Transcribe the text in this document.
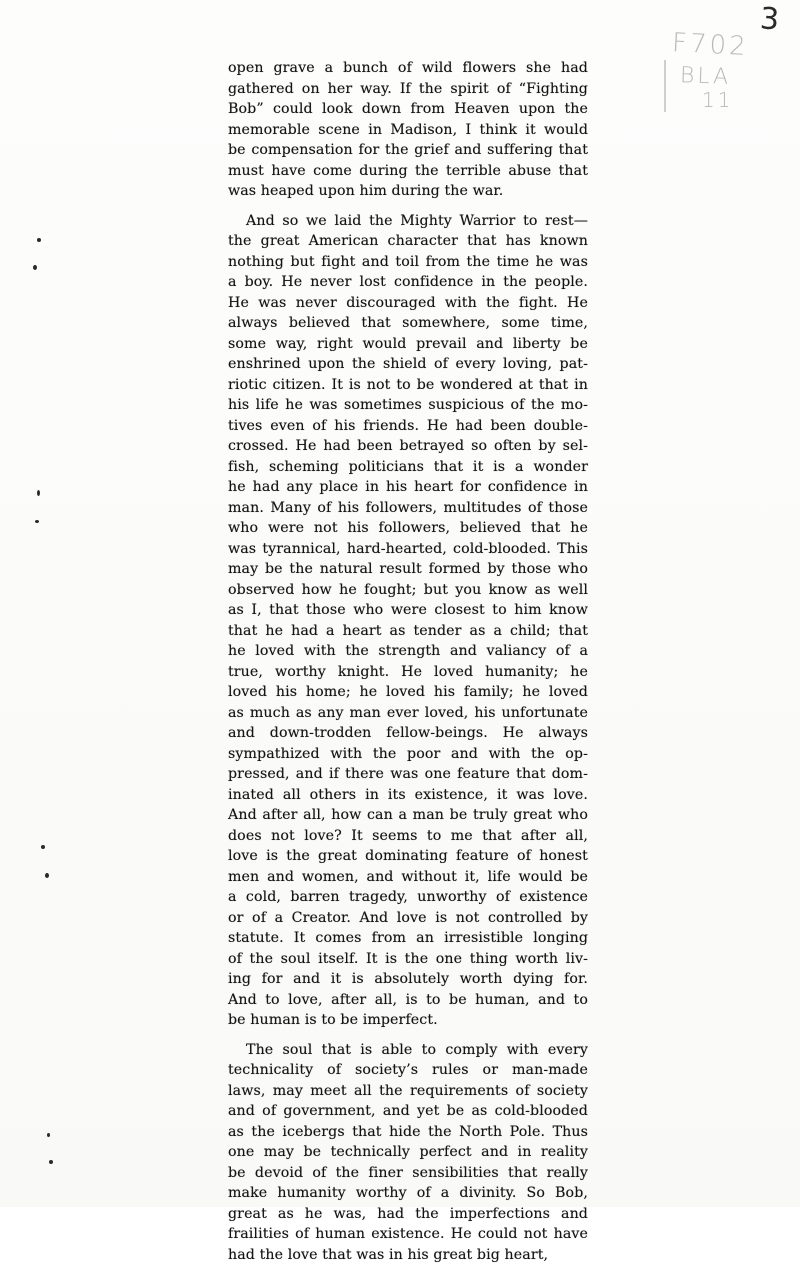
3
F702
BLA
11
open grave a bunch of wild flowers she had
gathered on her way. If the spirit of “Fighting
Bob” could look down from Heaven upon the
memorable scene in Madison, I think it would
be compensation for the grief and suffering that
must have come during the terrible abuse that
was heaped upon him during the war.
And so we laid the Mighty Warrior to rest—
the great American character that has known
nothing but fight and toil from the time he was
a boy. He never lost confidence in the people.
He was never discouraged with the fight. He
always believed that somewhere, some time,
some way, right would prevail and liberty be
enshrined upon the shield of every loving, pat-
riotic citizen. It is not to be wondered at that in
his life he was sometimes suspicious of the mo-
tives even of his friends. He had been double-
crossed. He had been betrayed so often by sel-
fish, scheming politicians that it is a wonder
he had any place in his heart for confidence in
man. Many of his followers, multitudes of those
who were not his followers, believed that he
was tyrannical, hard-hearted, cold-blooded. This
may be the natural result formed by those who
observed how he fought; but you know as well
as I, that those who were closest to him know
that he had a heart as tender as a child; that
he loved with the strength and valiancy of a
true, worthy knight. He loved humanity; he
loved his home; he loved his family; he loved
as much as any man ever loved, his unfortunate
and down-trodden fellow-beings. He always
sympathized with the poor and with the op-
pressed, and if there was one feature that dom-
inated all others in its existence, it was love.
And after all, how can a man be truly great who
does not love? It seems to me that after all,
love is the great dominating feature of honest
men and women, and without it, life would be
a cold, barren tragedy, unworthy of existence
or of a Creator. And love is not controlled by
statute. It comes from an irresistible longing
of the soul itself. It is the one thing worth liv-
ing for and it is absolutely worth dying for.
And to love, after all, is to be human, and to
be human is to be imperfect.
The soul that is able to comply with every
technicality of society’s rules or man-made
laws, may meet all the requirements of society
and of government, and yet be as cold-blooded
as the icebergs that hide the North Pole. Thus
one may be technically perfect and in reality
be devoid of the finer sensibilities that really
make humanity worthy of a divinity. So Bob,
great as he was, had the imperfections and
frailities of human existence. He could not have
had the love that was in his great big heart,
